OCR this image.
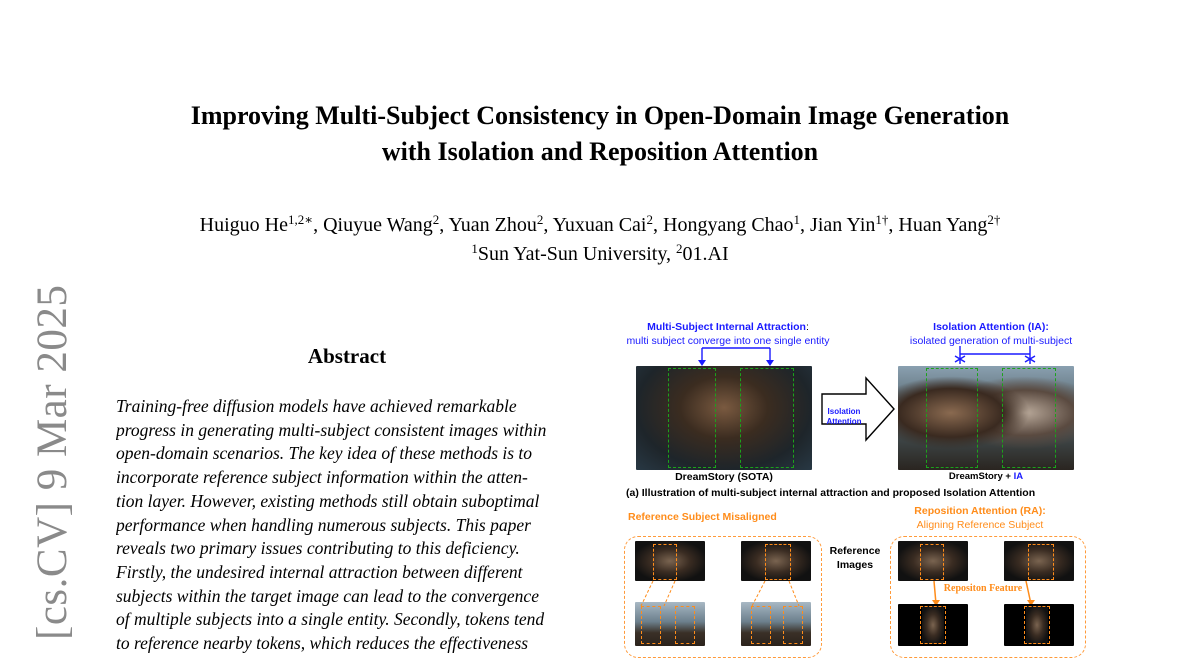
[cs.CV] 9 Mar 2025
Improving Multi-Subject Consistency in Open-Domain Image Generation
with Isolation and Reposition Attention
Huiguo $He^{1,2∗}$, Qiuyue Wang$^2$, Yuan Zhou$^2$, Yuxuan Cai$^2$, Hongyang Chao$^1$, Jian Yin$^{1\dagger}$, Huan Yang$^{2\dagger}$
$^1$Sun Yat-Sun University, $^2$01.AI
Abstract
Training-free diffusion models have achieved remarkable
progress in generating multi-subject consistent images within
open-domain scenarios. The key idea of these methods is to
incorporate reference subject information within the atten-
tion layer. However, existing methods still obtain suboptimal
performance when handling numerous subjects. This paper
reveals two primary issues contributing to this deficiency.
Firstly, the undesired internal attraction between different
subjects within the target image can lead to the convergence
of multiple subjects into a single entity. Secondly, tokens tend
to reference nearby tokens, which reduces the effectiveness
Multi-Subject Internal Attraction:
multi subject converge into one single entity
Isolation Attention (IA):
isolated generation of multi-subject
DreamStory (SOTA)
Isolation
Attention
DreamStory + IA
(a) Illustration of multi-subject internal attraction and proposed Isolation Attention
Reference Subject Misaligned	Reposition Attention (RA):
Aligning Reference Subject
Reference
Images
Repositon Feature
